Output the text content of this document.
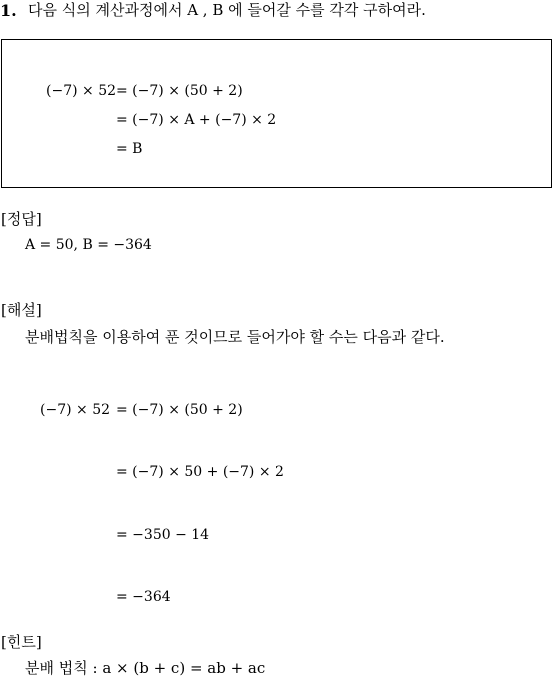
1. 다음 식의 계산과정에서 A , B 에 들어갈 수를 각각 구하여라.
(−7) × 52 = (−7) × (50 + 2)
= (−7) × A + (−7) × 2
= B
[정답]
A = 50, B = −364
[해설]
분배법칙을 이용하여 푼 것이므로 들어가야 할 수는 다음과 같다.
(−7) × 52 = (−7) × (50 + 2)
= (−7) × 50 + (−7) × 2
= −350 − 14
= −364
[힌트]
분배 법칙 : a × (b + c) = ab + ac
